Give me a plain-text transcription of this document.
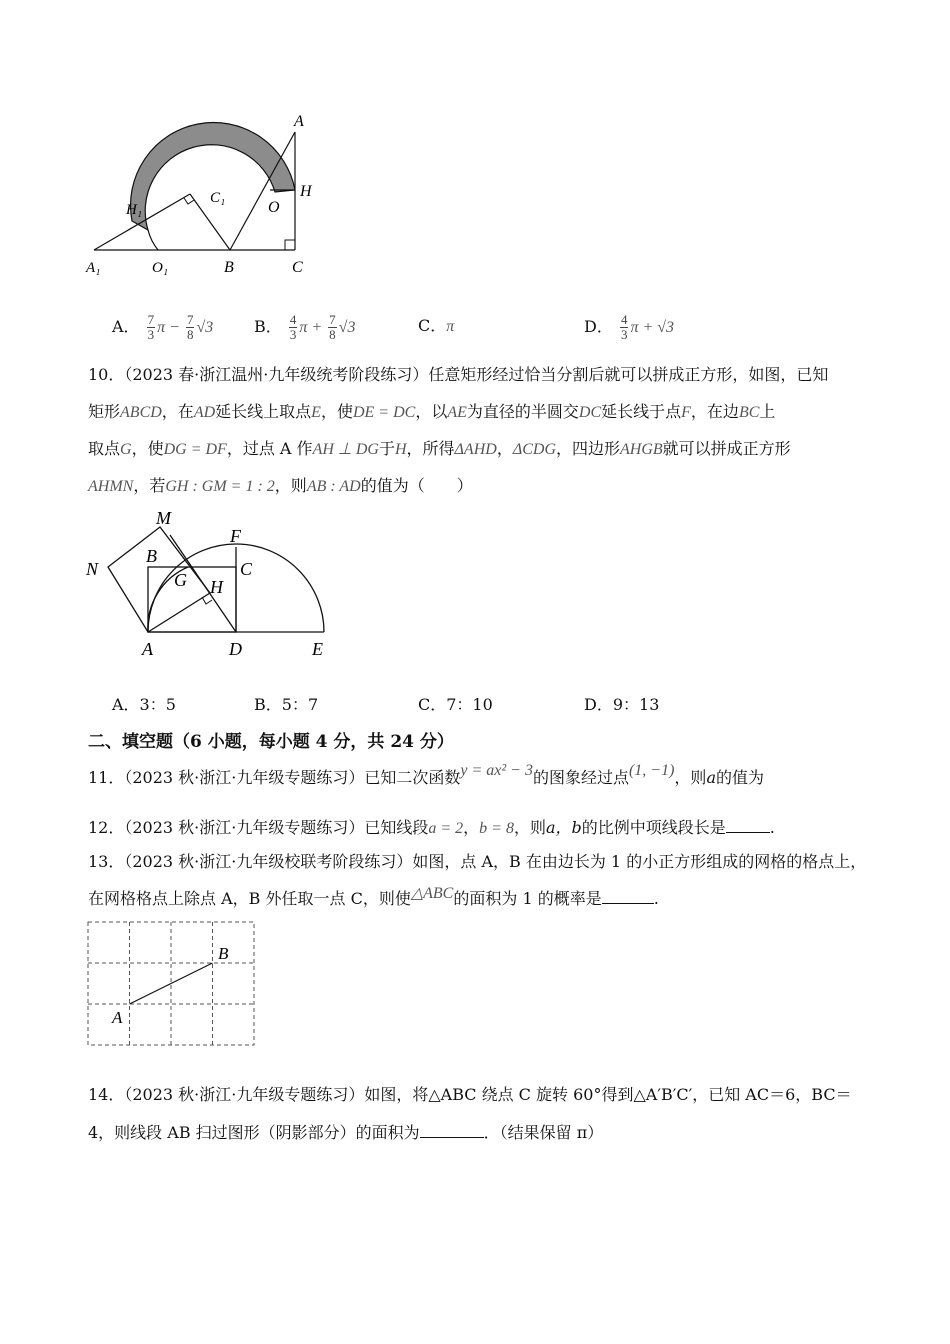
A
H
O
C₁
H₁
A₁	O₁	B	C
A． $\frac{7}{3}$ $\pi - \frac{7}{8} √3$	B． $\frac{4}{3}$ $\pi + \frac{7}{8} √3$	C．π	D． $\frac{4}{3}$ π + √3
10．（2023 春·浙江温州·九年级统考阶段练习）任意矩形经过恰当分割后就可以拼成正方形，如图，已知
矩形ABCD，在AD延长线上取点E，使DE = DC，以AE为直径的半圆交DC延长线于点F，在边BC上
取点G，使DG = DF，过点 A 作AH ⊥ DG于H，所得ΔAHD，ΔCDG，四边形AHGB就可以拼成正方形
AHMN，若GH : GM = 1 : 2，则AB : AD的值为（　　）
M
F
N
B
C
G H
A	D	E
A．3：5	B．5：7	C．7：10	D．9：13
二、填空题（6 小题，每小题 4 分，共 24 分）
11．（2023 秋·浙江·九年级专题练习）已知二次函数y = ax² − 3的图象经过点(1, −1)，则a的值为
12．（2023 秋·浙江·九年级专题练习）已知线段a = 2，b = 8，则a，b的比例中项线段长是	.
13．（2023 秋·浙江·九年级校联考阶段练习）如图，点 A，B 在由边长为 1 的小正方形组成的网格的格点上，
在网格格点上除点 A，B 外任取一点 C，则使△ABC的面积为 1 的概率是	.
A
B
14．（2023 秋·浙江·九年级专题练习）如图，将△ABC 绕点 C 旋转 60°得到△A′B′C′，已知 AC＝6，BC＝
4，则线段 AB 扫过图形（阴影部分）的面积为	．（结果保留 π）
